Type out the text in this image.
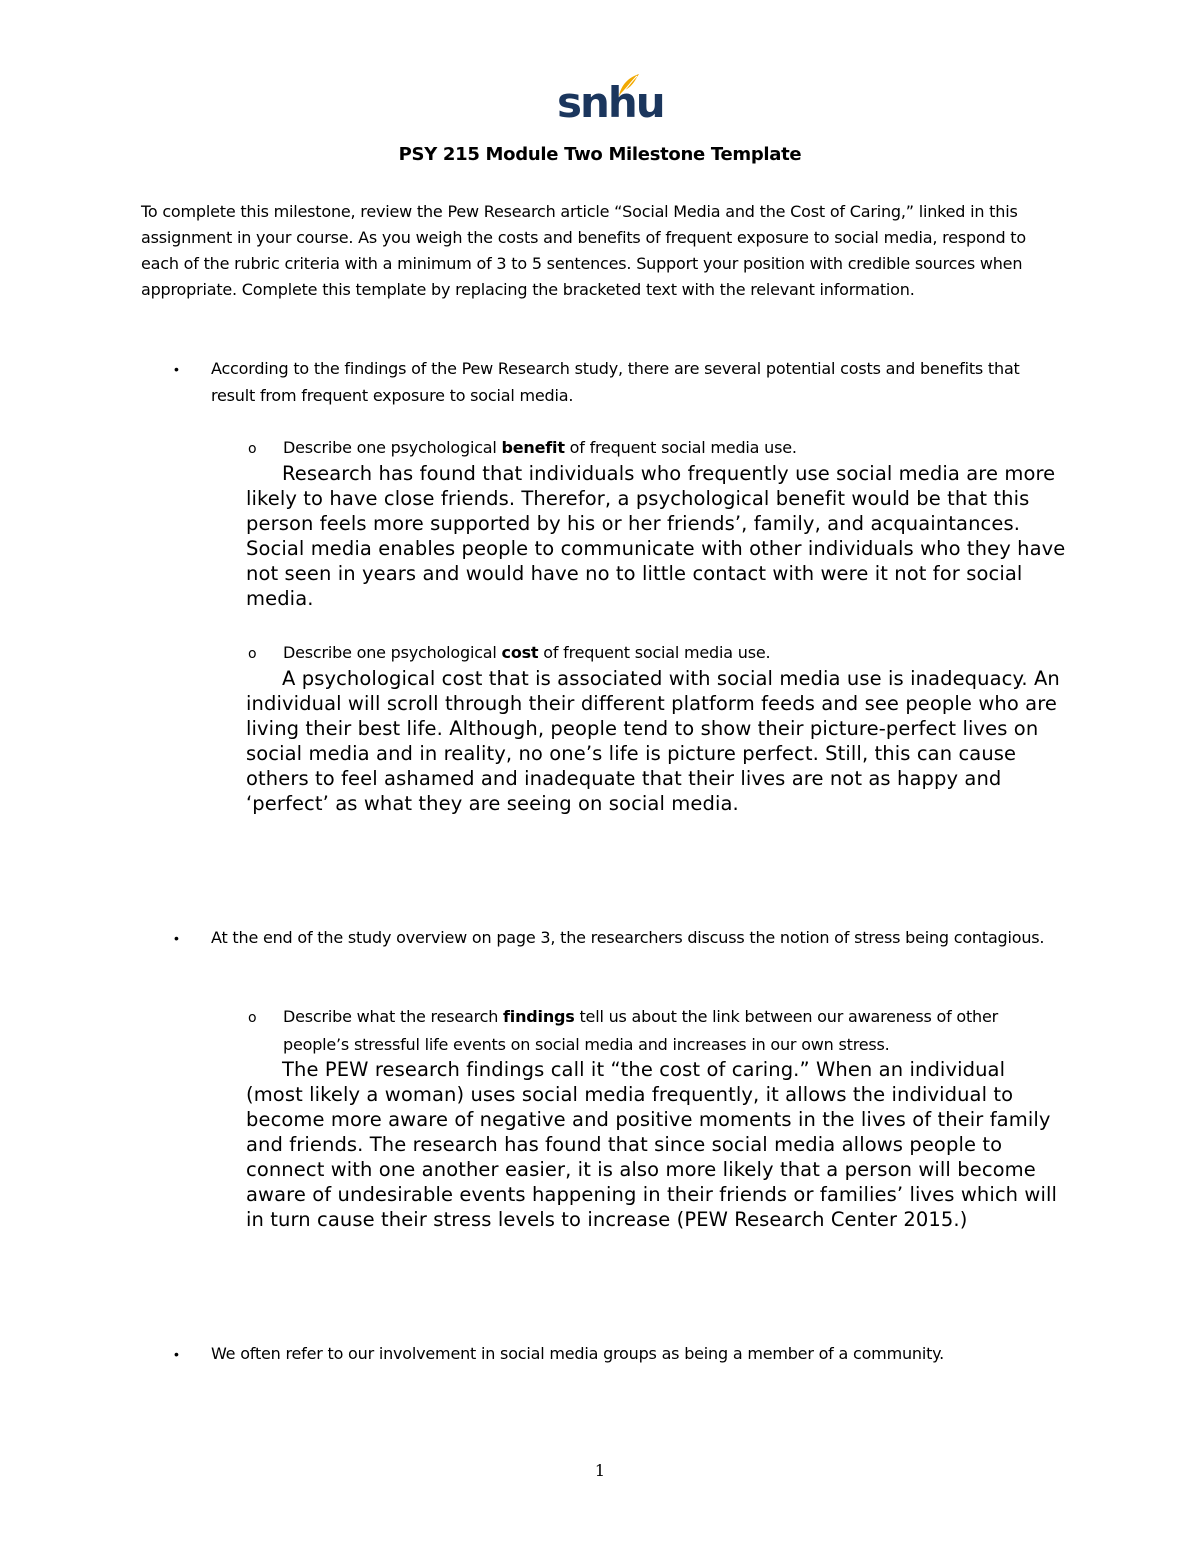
snhu
PSY 215 Module Two Milestone Template
To complete this milestone, review the Pew Research article “Social Media and the Cost of Caring,” linked in this assignment in your course. As you weigh the costs and benefits of frequent exposure to social media, respond to each of the rubric criteria with a minimum of 3 to 5 sentences. Support your position with credible sources when appropriate. Complete this template by replacing the bracketed text with the relevant information.
• According to the findings of the Pew Research study, there are several potential costs and benefits that result from frequent exposure to social media.
o Describe one psychological benefit of frequent social media use.
Research has found that individuals who frequently use social media are more likely to have close friends. Therefor, a psychological benefit would be that this person feels more supported by his or her friends’, family, and acquaintances. Social media enables people to communicate with other individuals who they have not seen in years and would have no to little contact with were it not for social media.
o Describe one psychological cost of frequent social media use.
A psychological cost that is associated with social media use is inadequacy. An individual will scroll through their different platform feeds and see people who are living their best life. Although, people tend to show their picture-perfect lives on social media and in reality, no one’s life is picture perfect. Still, this can cause others to feel ashamed and inadequate that their lives are not as happy and ‘perfect’ as what they are seeing on social media.
• At the end of the study overview on page 3, the researchers discuss the notion of stress being contagious.
o Describe what the research findings tell us about the link between our awareness of other people’s stressful life events on social media and increases in our own stress.
The PEW research findings call it “the cost of caring.” When an individual (most likely a woman) uses social media frequently, it allows the individual to become more aware of negative and positive moments in the lives of their family and friends. The research has found that since social media allows people to connect with one another easier, it is also more likely that a person will become aware of undesirable events happening in their friends or families’ lives which will in turn cause their stress levels to increase (PEW Research Center 2015.)
• We often refer to our involvement in social media groups as being a member of a community.
1
